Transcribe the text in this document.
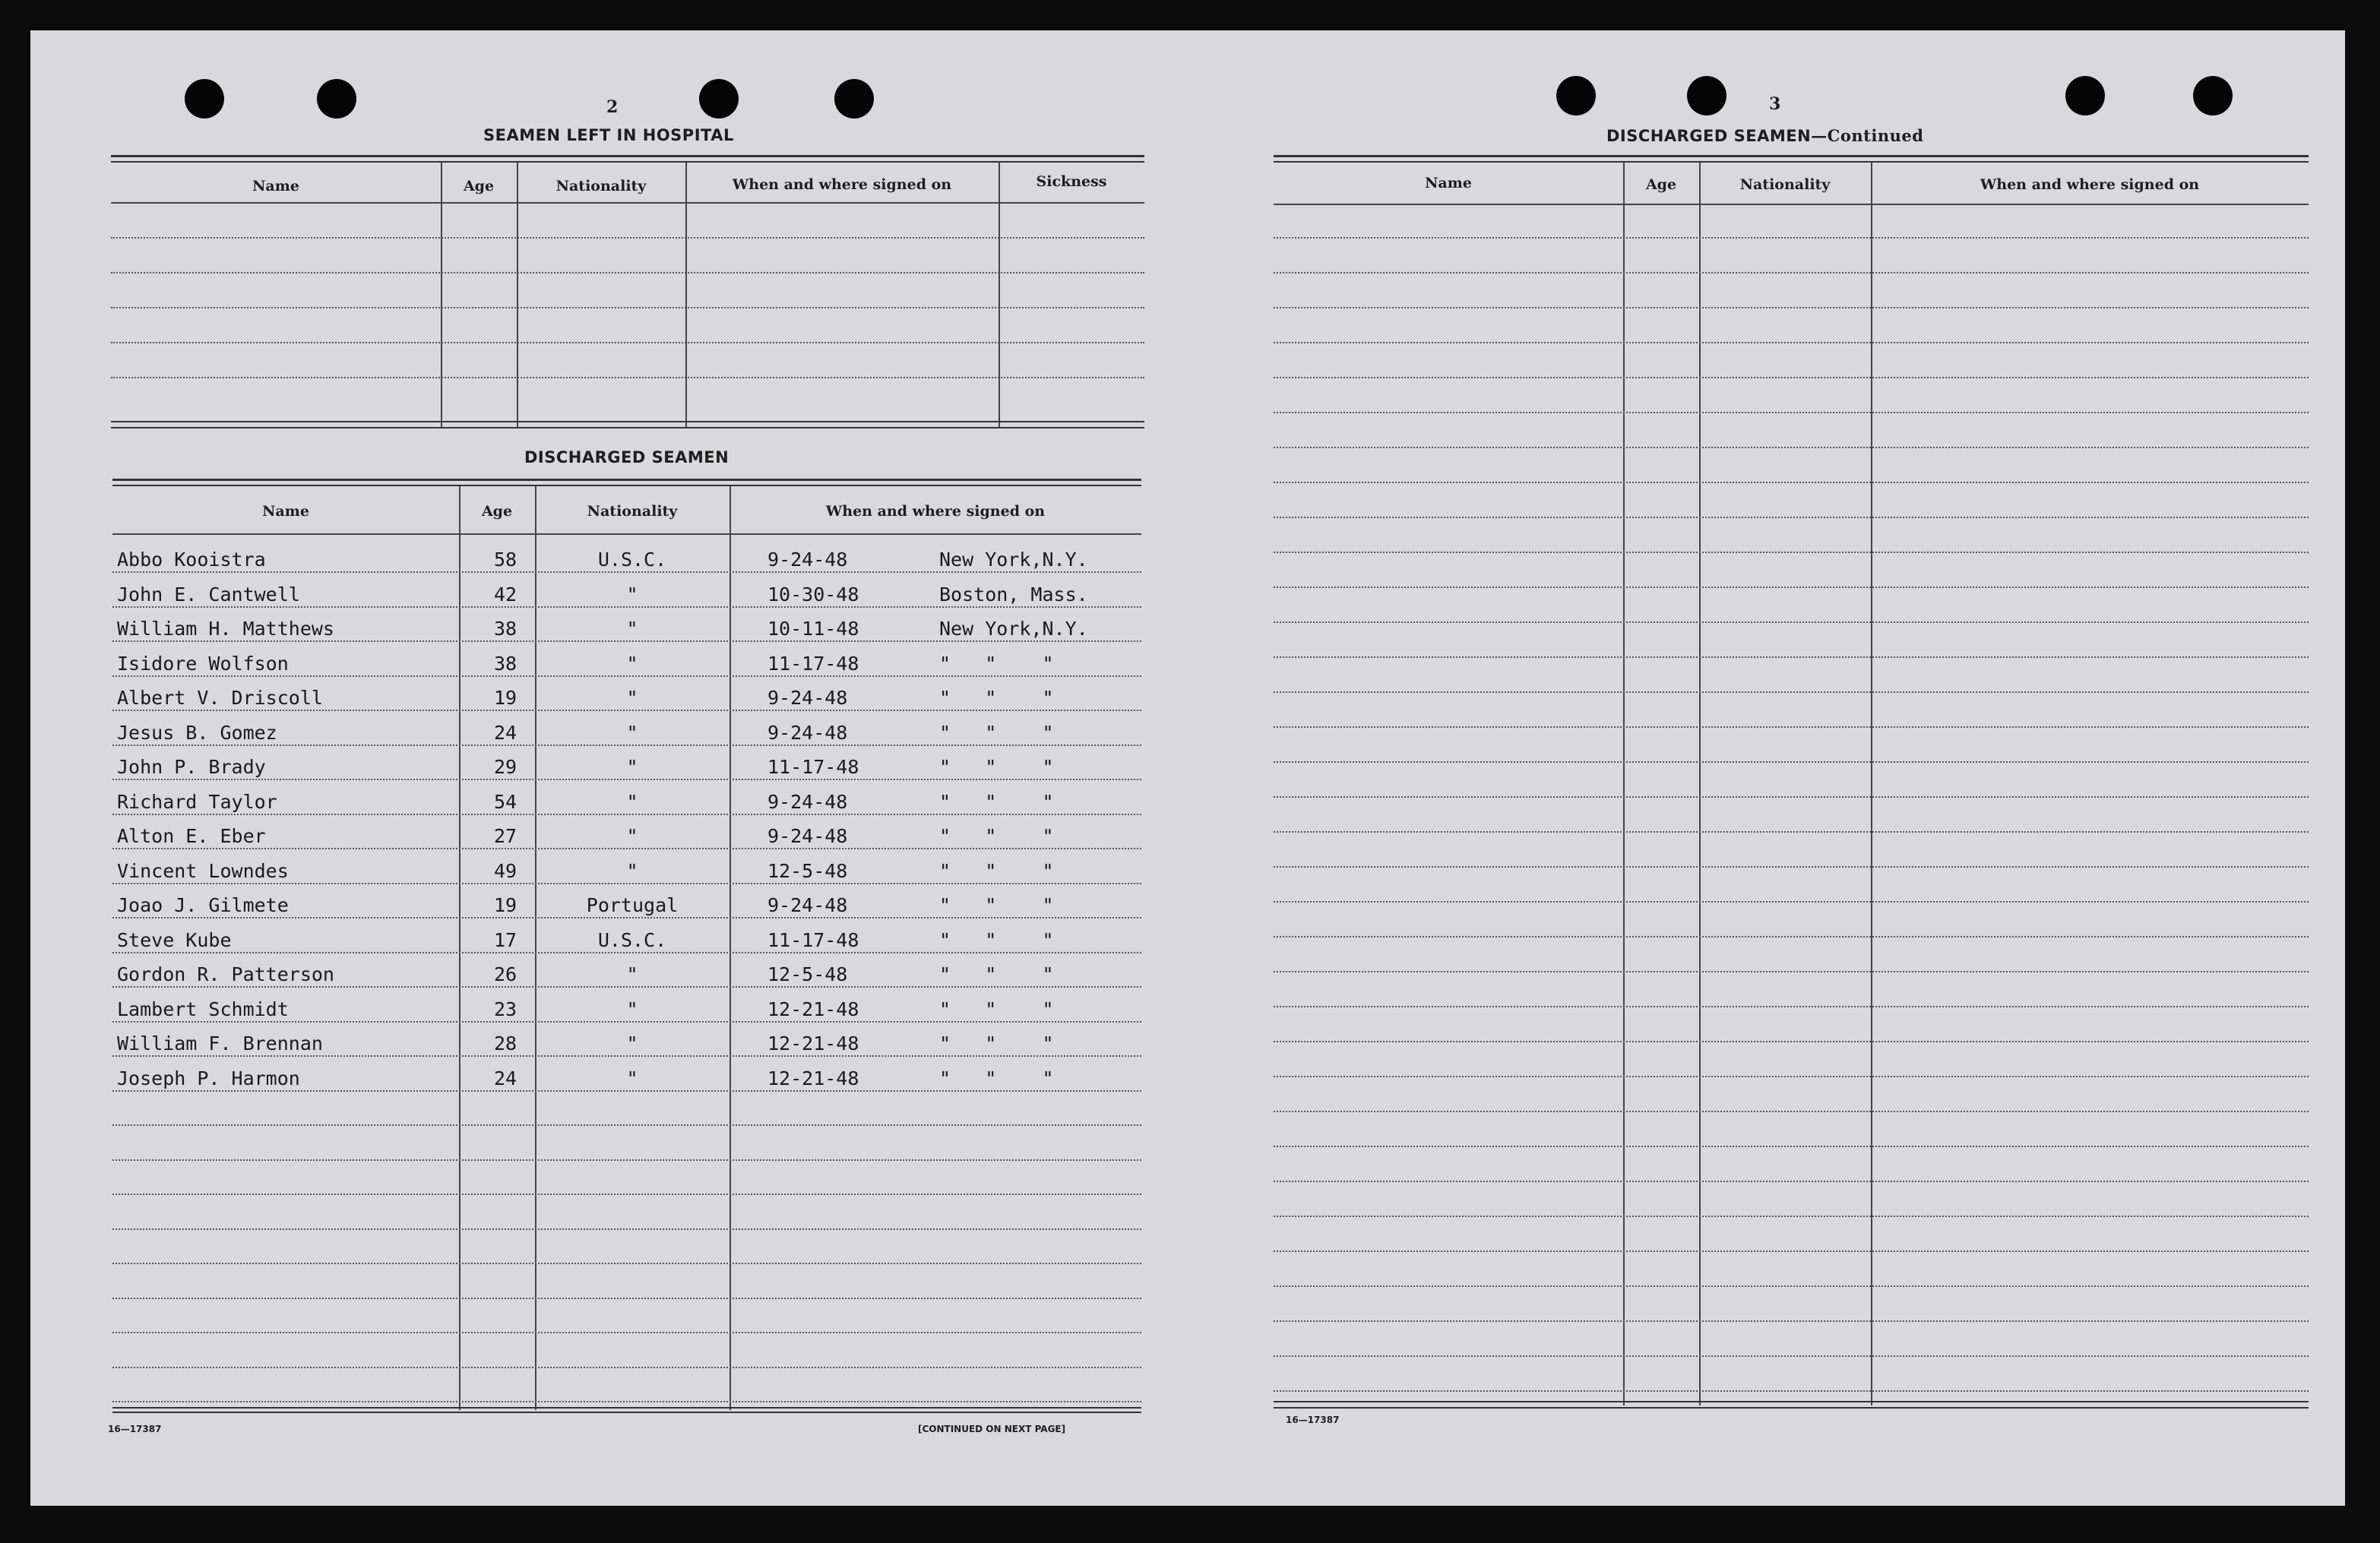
2
SEAMEN LEFT IN HOSPITAL
Name	Age	Nationality	When and where signed on	Sickness
DISCHARGED SEAMEN
Name	Age	Nationality	When and where signed on
Abbo Kooistra	58	U.S.C.	9-24-48	New York,N.Y.
John E. Cantwell	42	"	10-30-48	Boston, Mass.
William H. Matthews	38	"	10-11-48	New York,N.Y.
Isidore Wolfson	38	"	11-17-48	"   "    "
Albert V. Driscoll	19	"	9-24-48	"   "    "
Jesus B. Gomez	24	"	9-24-48	"   "    "
John P. Brady	29	"	11-17-48	"   "    "
Richard Taylor	54	"	9-24-48	"   "    "
Alton E. Eber	27	"	9-24-48	"   "    "
Vincent Lowndes	49	"	12-5-48	"   "    "
Joao J. Gilmete	19	Portugal	9-24-48	"   "    "
Steve Kube	17	U.S.C.	11-17-48	"   "    "
Gordon R. Patterson	26	"	12-5-48	"   "    "
Lambert Schmidt	23	"	12-21-48	"   "    "
William F. Brennan	28	"	12-21-48	"   "    "
Joseph P. Harmon	24	"	12-21-48	"   "    "
16—17387	[CONTINUED ON NEXT PAGE]
3
DISCHARGED SEAMEN—Continued
Name	Age	Nationality	When and where signed on
16—17387
